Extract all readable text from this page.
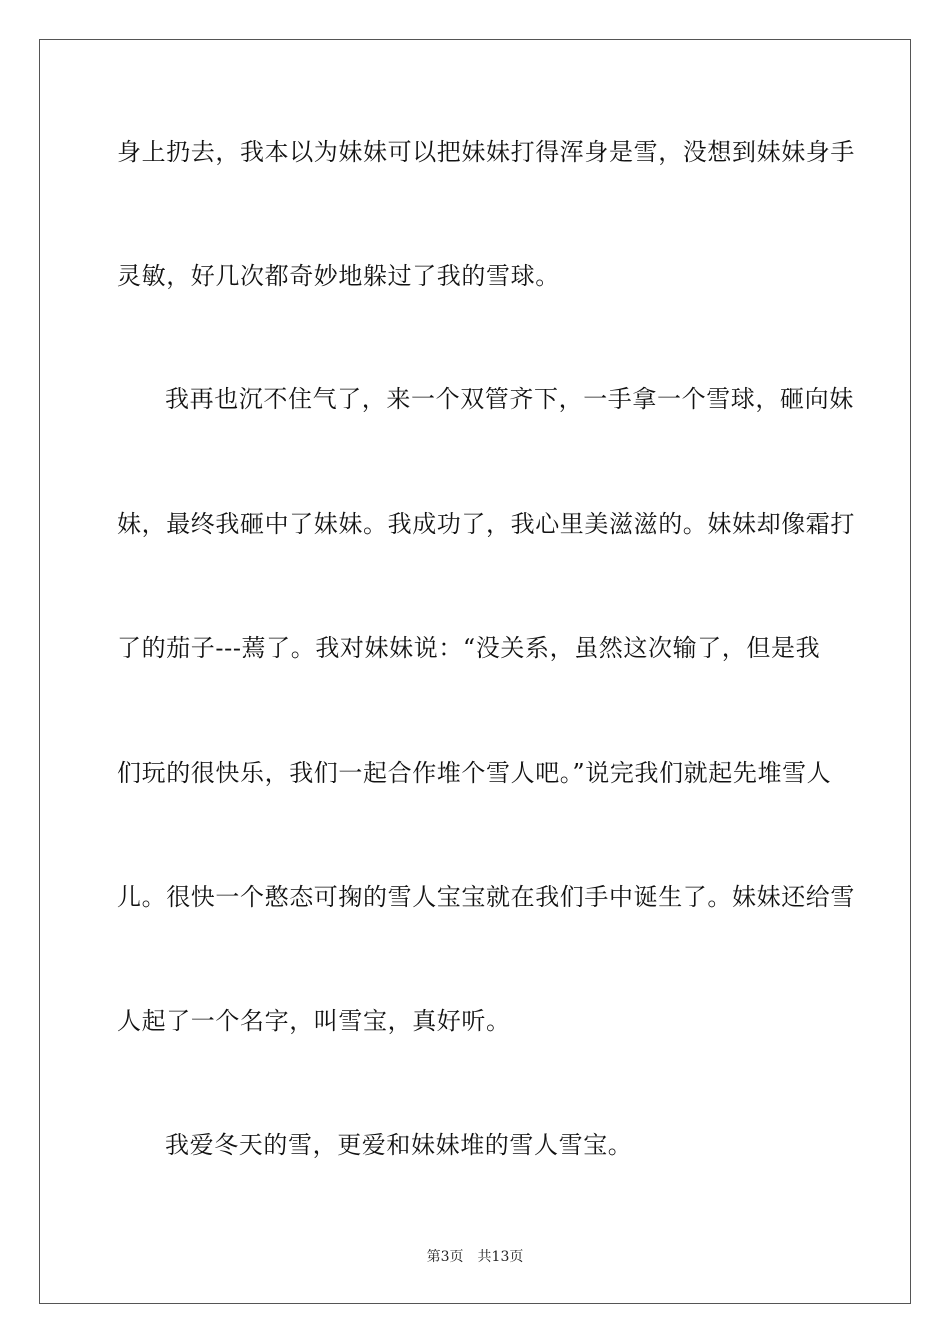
身上扔去，我本以为妹妹可以把妹妹打得浑身是雪，没想到妹妹身手
灵敏，好几次都奇妙地躲过了我的雪球。
我再也沉不住气了，来一个双管齐下，一手拿一个雪球，砸向妹
妹，最终我砸中了妹妹。我成功了，我心里美滋滋的。妹妹却像霜打
了的茄子---蔫了。我对妹妹说：“没关系，虽然这次输了，但是我
们玩的很快乐，我们一起合作堆个雪人吧。”说完我们就起先堆雪人
儿。很快一个憨态可掬的雪人宝宝就在我们手中诞生了。妹妹还给雪
人起了一个名字，叫雪宝，真好听。
我爱冬天的雪，更爱和妹妹堆的雪人雪宝。
第3页 共13页
